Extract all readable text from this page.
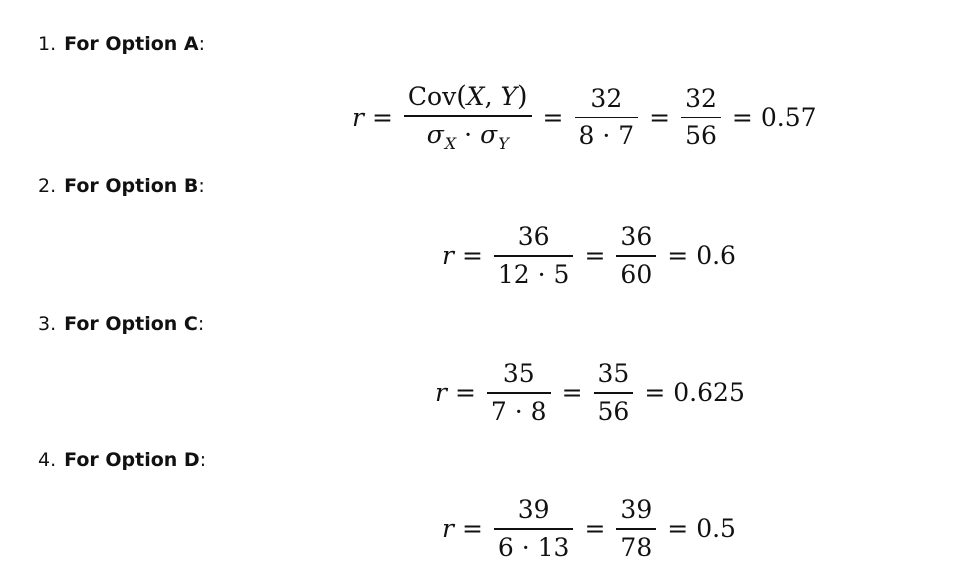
1. For Option A:
$r = \frac{\text{Cov(X, Y)}}{\sigma_X \cdot \sigma_Y} = \frac{32}{8 \cdot 7} = \frac{32}{56} = 0.57$
2. For Option B:
$r = \frac{36}{12 \cdot 5} = \frac{36}{60} = 0.6$
3. For Option C:
$r = \frac{35}{7 \cdot 8} = \frac{35}{56} = 0.625$
4. For Option D:
$r = \frac{39}{6 \cdot 13} = \frac{39}{78} = 0.5$
